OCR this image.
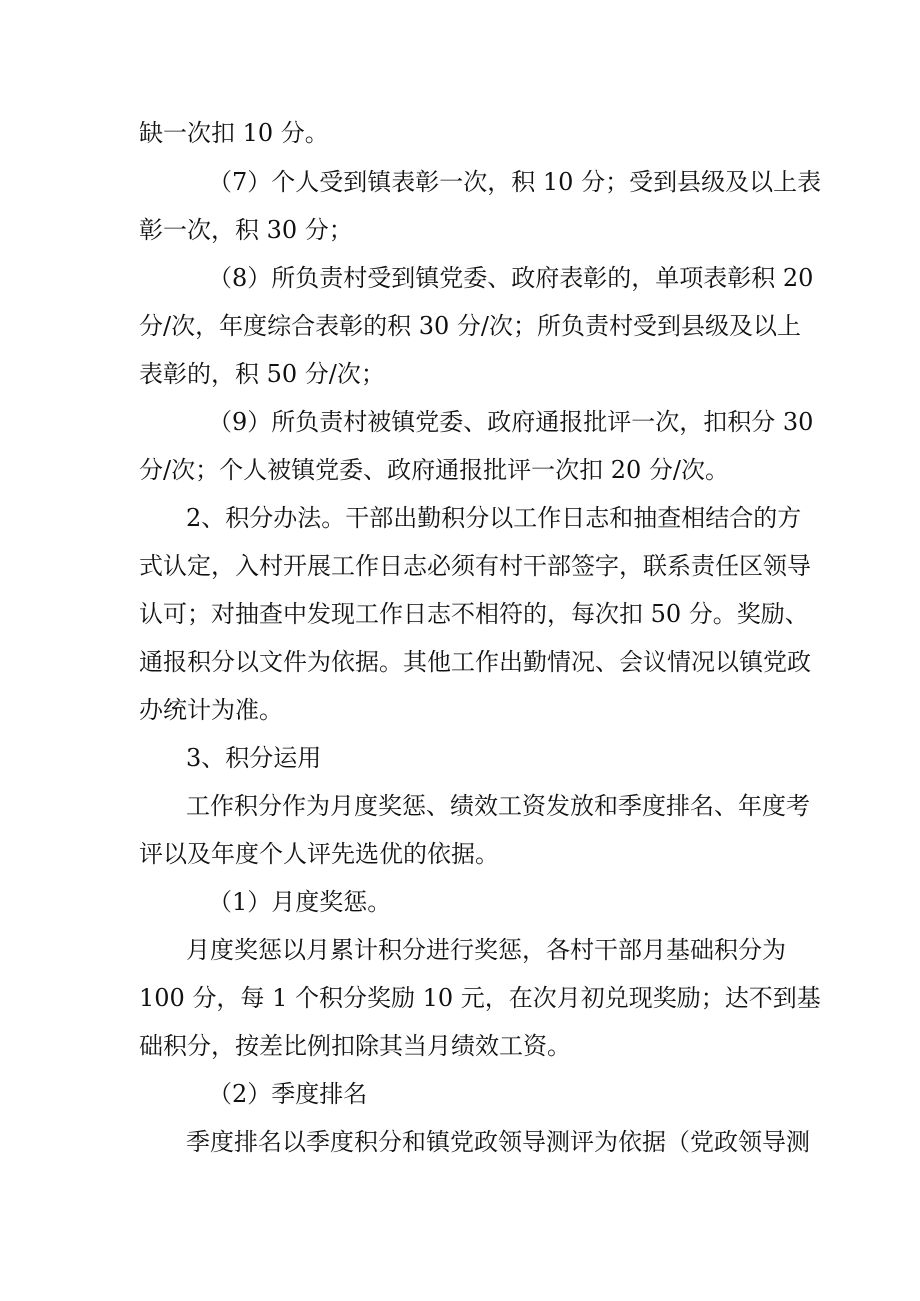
缺一次扣 10 分。
（7）个人受到镇表彰一次，积 10 分；受到县级及以上表
彰一次，积 30 分；
（8）所负责村受到镇党委、政府表彰的，单项表彰积 20
分/次，年度综合表彰的积 30 分/次；所负责村受到县级及以上
表彰的，积 50 分/次；
（9）所负责村被镇党委、政府通报批评一次，扣积分 30
分/次；个人被镇党委、政府通报批评一次扣 20 分/次。
2、积分办法。干部出勤积分以工作日志和抽查相结合的方
式认定，入村开展工作日志必须有村干部签字，联系责任区领导
认可；对抽查中发现工作日志不相符的，每次扣 50 分。奖励、
通报积分以文件为依据。其他工作出勤情况、会议情况以镇党政
办统计为准。
3、积分运用
工作积分作为月度奖惩、绩效工资发放和季度排名、年度考
评以及年度个人评先选优的依据。
（1）月度奖惩。
月度奖惩以月累计积分进行奖惩，各村干部月基础积分为
100 分，每 1 个积分奖励 10 元，在次月初兑现奖励；达不到基
础积分，按差比例扣除其当月绩效工资。
（2）季度排名
季度排名以季度积分和镇党政领导测评为依据（党政领导测
